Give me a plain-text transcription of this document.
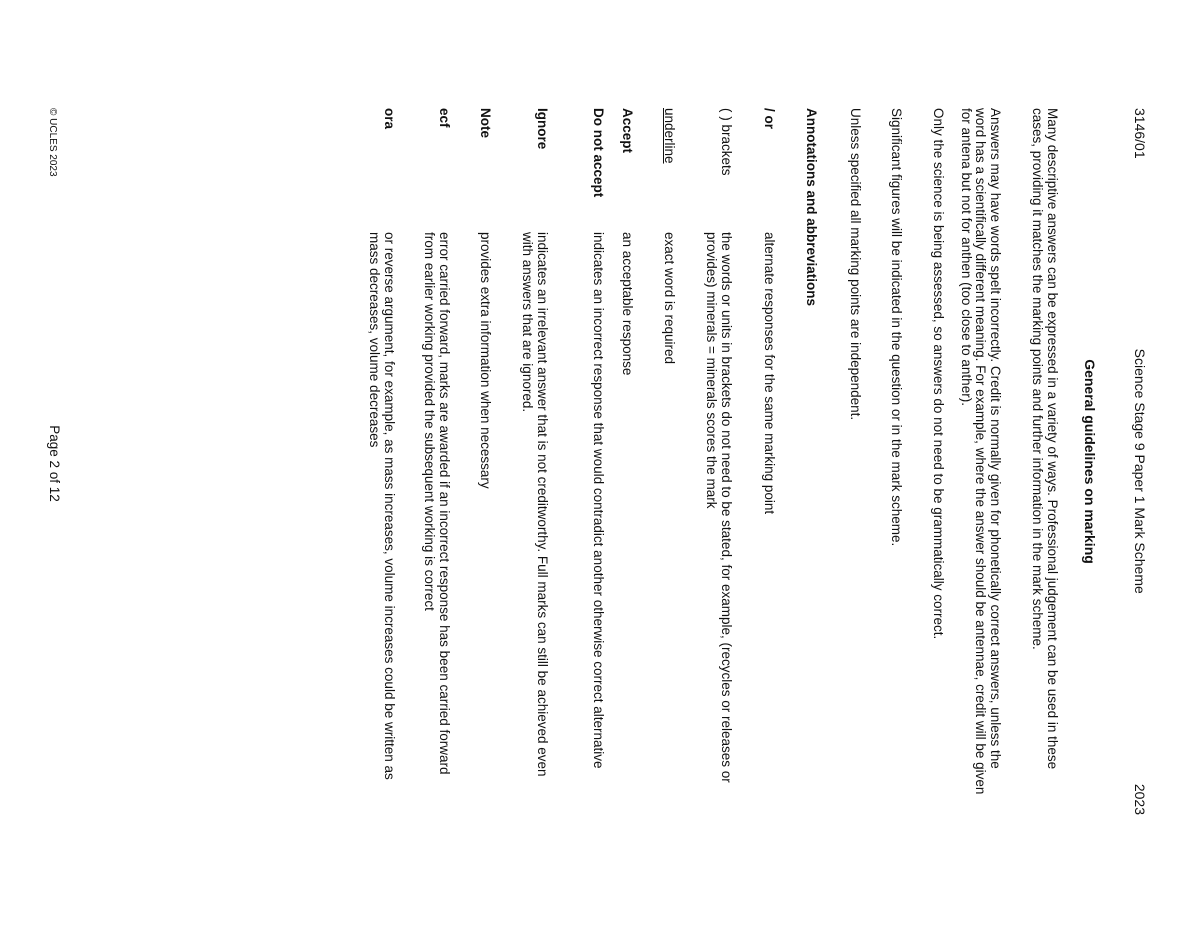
3146/01
Science Stage 9 Paper 1 Mark Scheme
2023
General guidelines on marking
Many descriptive answers can be expressed in a variety of ways. Professional judgement can be used in these cases, providing it matches the marking points and further information in the mark scheme.
Answers may have words spelt incorrectly. Credit is normally given for phonetically correct answers, unless the word has a scientifically different meaning. For example, where the answer should be antennae, credit will be given for antena but not for anthen (too close to anther).
Only the science is being assessed, so answers do not need to be grammatically correct.
Significant figures will be indicated in the question or in the mark scheme.
Unless specified all marking points are independent.
Annotations and abbreviations
/ or
alternate responses for the same marking point
( ) brackets
the words or units in brackets do not need to be stated, for example, (recycles or releases or provides) minerals = minerals scores the mark
underline
exact word is required
Accept
an acceptable response
Do not accept
indicates an incorrect response that would contradict another otherwise correct alternative
Ignore
indicates an irrelevant answer that is not creditworthy. Full marks can still be achieved even with answers that are ignored.
Note
provides extra information when necessary
ecf
error carried forward, marks are awarded if an incorrect response has been carried forward from earlier working provided the subsequent working is correct
ora
or reverse argument, for example, as mass increases, volume increases could be written as mass decreases, volume decreases
© UCLES 2023
Page 2 of 12
